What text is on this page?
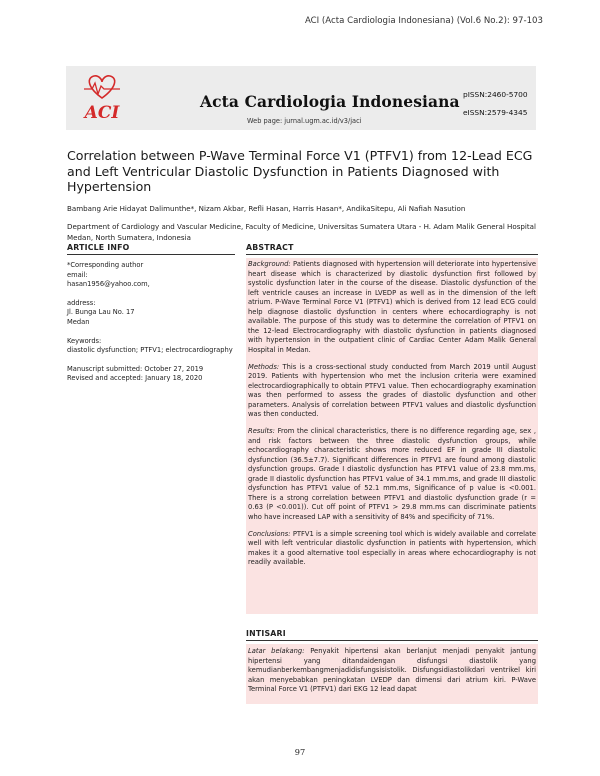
ACI (Acta Cardiologia Indonesiana) (Vol.6 No.2): 97-103
ACI
Acta Cardiologia Indonesiana
Web page: jurnal.ugm.ac.id/v3/jaci
pISSN:2460-5700
eISSN:2579-4345
Correlation between P-Wave Terminal Force V1 (PTFV1) from 12-Lead ECG and Left Ventricular Diastolic Dysfunction in Patients Diagnosed with Hypertension
Bambang Arie Hidayat Dalimunthe*, Nizam Akbar, Refli Hasan, Harris Hasan*, AndikaSitepu, Ali Nafiah Nasution
Department of Cardiology and Vascular Medicine, Faculty of Medicine, Universitas Sumatera Utara - H. Adam Malik General Hospital Medan, North Sumatera, Indonesia
ARTICLE INFO	ABSTRACT

*Corresponding author

email:

hasan1956@yahoo.com,

address:

Jl. Bunga Lau No. 17

Medan

Keywords:

diastolic dysfunction; PTFV1; electrocardiography

Manuscript submitted: October 27, 2019

Revised and accepted: January 18, 2020

Background: Patients diagnosed with hypertension will deteriorate into hypertensive heart disease which is characterized by diastolic dysfunction first followed by systolic dysfunction later in the course of the disease. Diastolic dysfunction of the left ventricle causes an increase in LVEDP as well as in the dimension of the left atrium. P-Wave Terminal Force V1 (PTFV1) which is derived from 12 lead ECG could help diagnose diastolic dysfunction in centers where echocardiography is not available. The purpose of this study was to determine the correlation of PTFV1 on the 12-lead Electrocardiography with diastolic dysfunction in patients diagnosed with hypertension in the outpatient clinic of Cardiac Center Adam Malik General Hospital in Medan.

Methods: This is a cross-sectional study conducted from March 2019 until August 2019. Patients with hypertension who met the inclusion criteria were examined electrocardiographically to obtain PTFV1 value. Then echocardiography examination was then performed to assess the grades of diastolic dysfunction and other parameters. Analysis of correlation between PTFV1 values and diastolic dysfunction was then conducted.

Results: From the clinical characteristics, there is no difference regarding age, sex , and risk factors between the three diastolic dysfunction groups, while echocardiography characteristic shows more reduced EF in grade III diastolic dysfunction (36.5±7.7). Significant differences in PTFV1 are found among diastolic dysfunction groups. Grade I diastolic dysfunction has PTFV1 value of 23.8 mm.ms, grade II diastolic dysfunction has PTFV1 value of 34.1 mm.ms, and grade III diastolic dysfunction has PTFV1 value of 52.1 mm.ms, Significance of p value is <0.001. There is a strong correlation between PTFV1 and diastolic dysfunction grade (r = 0.63 (P <0.001)). Cut off point of PTFV1 > 29.8 mm.ms can discriminate patients who have increased LAP with a sensitivity of 84% and specificity of 71%.

Conclusions: PTFV1 is a simple screening tool which is widely available and correlate well with left ventricular diastolic dysfunction in patients with hypertension, which makes it a good alternative tool especially in areas where echocardiography is not readily available.

INTISARI

Latar belakang: Penyakit hipertensi akan berlanjut menjadi penyakit jantung hipertensi yang ditandaidengan disfungsi diastolik yang kemudianberkembangmenjadidisfungsisistolik. Disfungsidiastolikdari ventrikel kiri akan menyebabkan peningkatan LVEDP dan dimensi dari atrium kiri. P-Wave Terminal Force V1 (PTFV1) dari EKG 12 lead dapat

97
